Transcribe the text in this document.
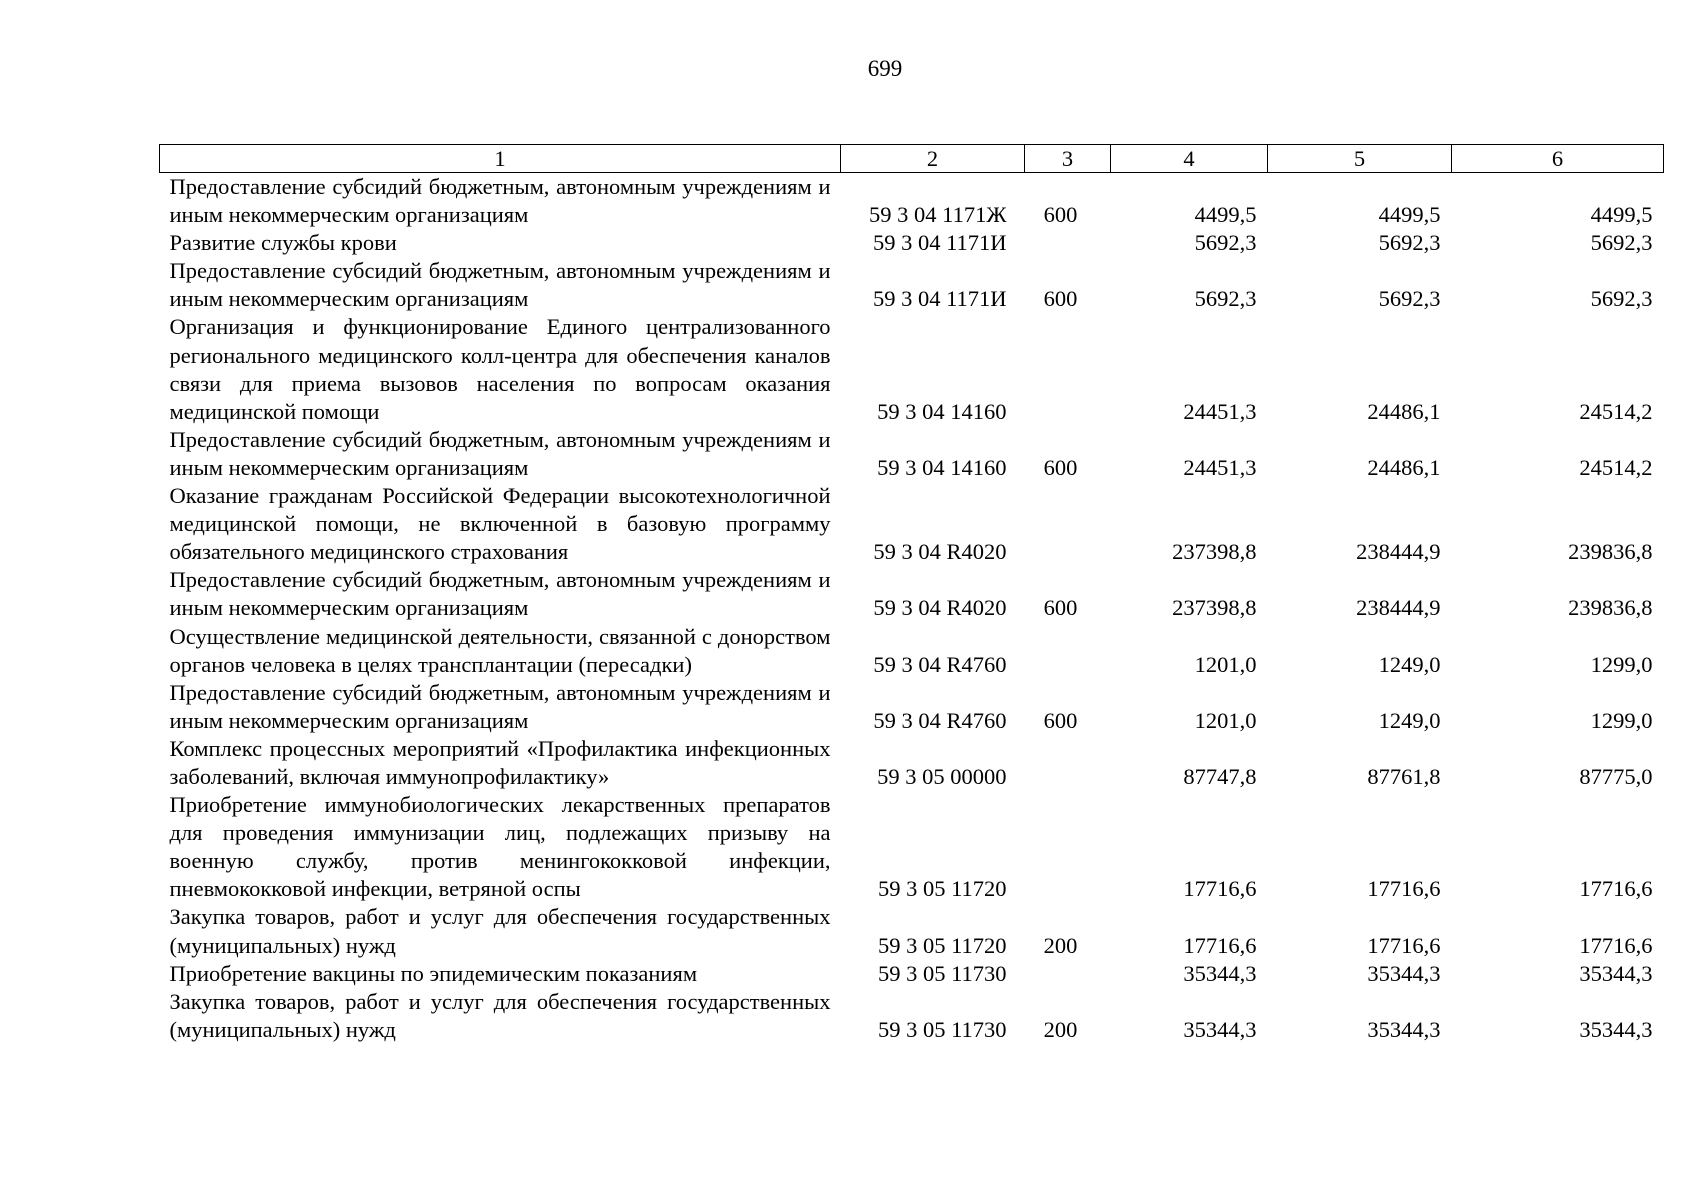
699
1	2	3	4	5	6
Предоставление субсидий бюджетным, автономным учреждениям и иным некоммерческим организациям	59 3 04 1171Ж	600	4499,5	4499,5	4499,5
Развитие службы крови	59 3 04 1171И		5692,3	5692,3	5692,3
Предоставление субсидий бюджетным, автономным учреждениям и иным некоммерческим организациям	59 3 04 1171И	600	5692,3	5692,3	5692,3
Организация и функционирование Единого централизованного регионального медицинского колл-центра для обеспечения каналов связи для приема вызовов населения по вопросам оказания медицинской помощи	59 3 04 14160		24451,3	24486,1	24514,2
Предоставление субсидий бюджетным, автономным учреждениям и иным некоммерческим организациям	59 3 04 14160	600	24451,3	24486,1	24514,2
Оказание гражданам Российской Федерации высокотехнологичной медицинской помощи, не включенной в базовую программу обязательного медицинского страхования	59 3 04 R4020		237398,8	238444,9	239836,8
Предоставление субсидий бюджетным, автономным учреждениям и иным некоммерческим организациям	59 3 04 R4020	600	237398,8	238444,9	239836,8
Осуществление медицинской деятельности, связанной с донорством органов человека в целях трансплантации (пересадки)	59 3 04 R4760		1201,0	1249,0	1299,0
Предоставление субсидий бюджетным, автономным учреждениям и иным некоммерческим организациям	59 3 04 R4760	600	1201,0	1249,0	1299,0
Комплекс процессных мероприятий «Профилактика инфекционных заболеваний, включая иммунопрофилактику»	59 3 05 00000		87747,8	87761,8	87775,0
Приобретение иммунобиологических лекарственных препаратов для проведения иммунизации лиц, подлежащих призыву на военную службу, против менингококковой инфекции, пневмококковой инфекции, ветряной оспы	59 3 05 11720		17716,6	17716,6	17716,6
Закупка товаров, работ и услуг для обеспечения государственных (муниципальных) нужд	59 3 05 11720	200	17716,6	17716,6	17716,6
Приобретение вакцины по эпидемическим показаниям	59 3 05 11730		35344,3	35344,3	35344,3
Закупка товаров, работ и услуг для обеспечения государственных (муниципальных) нужд	59 3 05 11730	200	35344,3	35344,3	35344,3
